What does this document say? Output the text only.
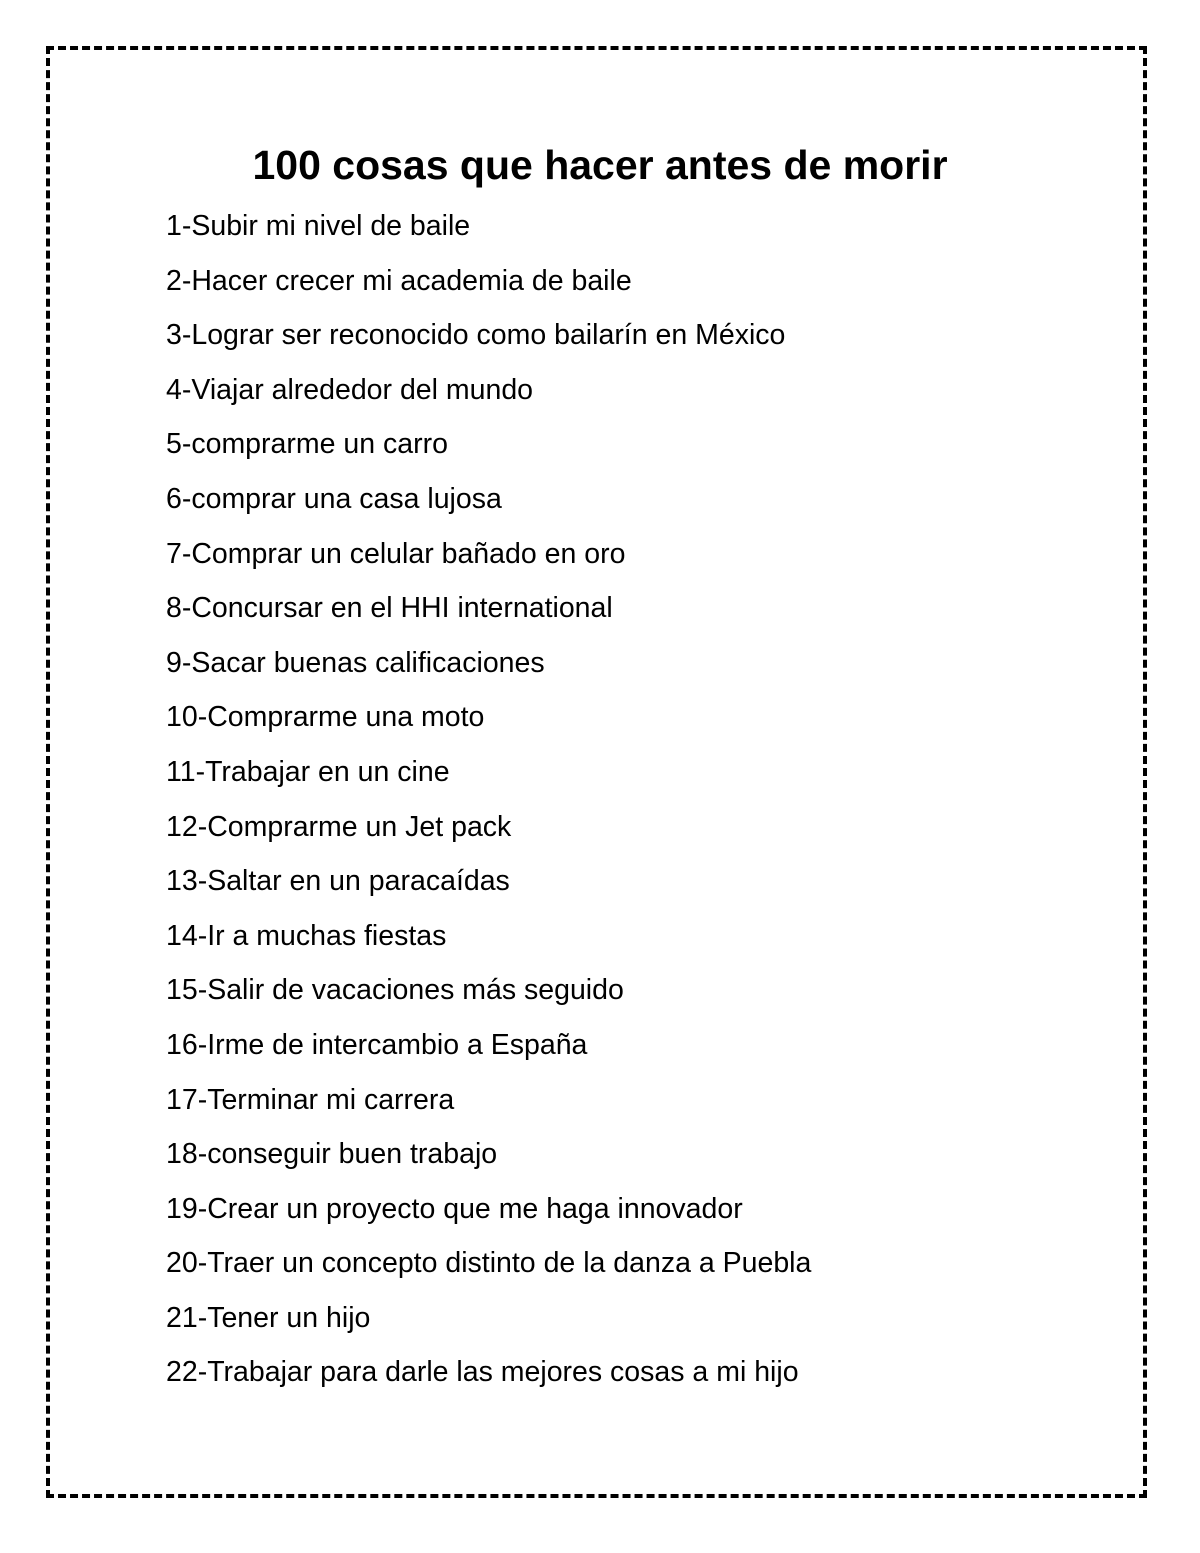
100 cosas que hacer antes de morir
1-Subir mi nivel de baile
2-Hacer crecer mi academia de baile
3-Lograr ser reconocido como bailarín en México
4-Viajar alrededor del mundo
5-comprarme un carro
6-comprar una casa lujosa
7-Comprar un celular bañado en oro
8-Concursar en el HHI international
9-Sacar buenas calificaciones
10-Comprarme una moto
11-Trabajar en un cine
12-Comprarme un Jet pack
13-Saltar en un paracaídas
14-Ir a muchas fiestas
15-Salir de vacaciones más seguido
16-Irme de intercambio a España
17-Terminar mi carrera
18-conseguir buen trabajo
19-Crear un proyecto que me haga innovador
20-Traer un concepto distinto de la danza a Puebla
21-Tener un hijo
22-Trabajar para darle las mejores cosas a mi hijo
